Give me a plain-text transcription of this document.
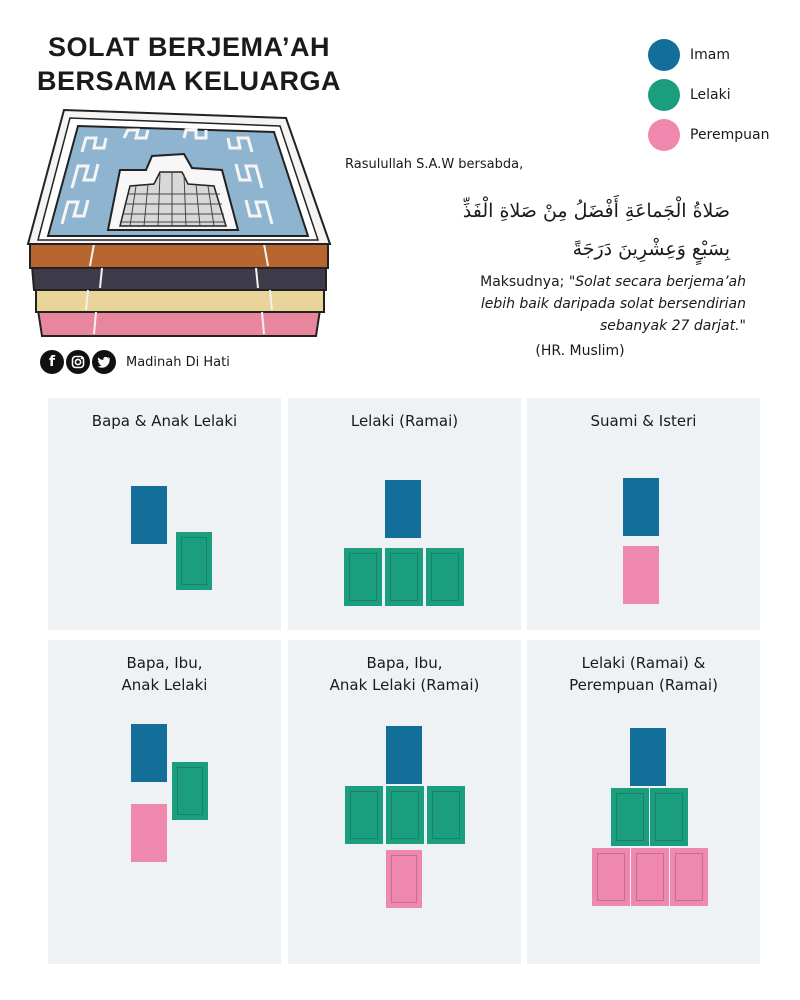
SOLAT BERJEMA’AH
BERSAMA KELUARGA
Imam
Lelaki
Perempuan
Rasulullah S.A.W bersabda,
صَلاةُ الْجَماعَةِ أَفْضَلُ مِنْ صَلاةِ الْفَذِّ
بِسَبْعٍ وَعِشْرِينَ دَرَجَةً
Maksudnya; "Solat secara berjema’ah
lebih baik daripada solat bersendirian
sebanyak 27 darjat."
(HR. Muslim)
f	Madinah Di Hati
Bapa & Anak Lelaki	Lelaki (Ramai)	Suami & Isteri
Bapa, Ibu,
Anak Lelaki
Bapa, Ibu,
Anak Lelaki (Ramai)
Lelaki (Ramai) &
Perempuan (Ramai)
